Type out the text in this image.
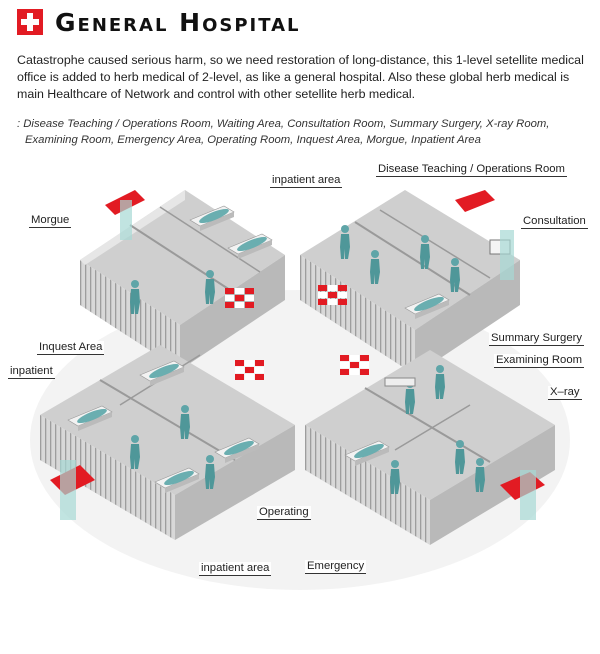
General Hospital
Catastrophe caused serious harm, so we need restoration of long-distance, this 1-level setellite medical office is added to herb medical of 2-level, as like a general hospital. Also these global herb medical is main Healthcare of Network and control with other setellite herb medical.
: Disease Teaching / Operations Room, Waiting Area, Consultation Room, Summary Surgery, X-ray Room,
Examining Room, Emergency Area, Operating Room, Inquest Area, Morgue, Inpatient Area
inpatient area
Disease Teaching / Operations Room
Morgue	Consultation
Inquest Area
Summary Surgery
inpatient
Examining Room
X–ray
Operating
inpatient area	Emergency
